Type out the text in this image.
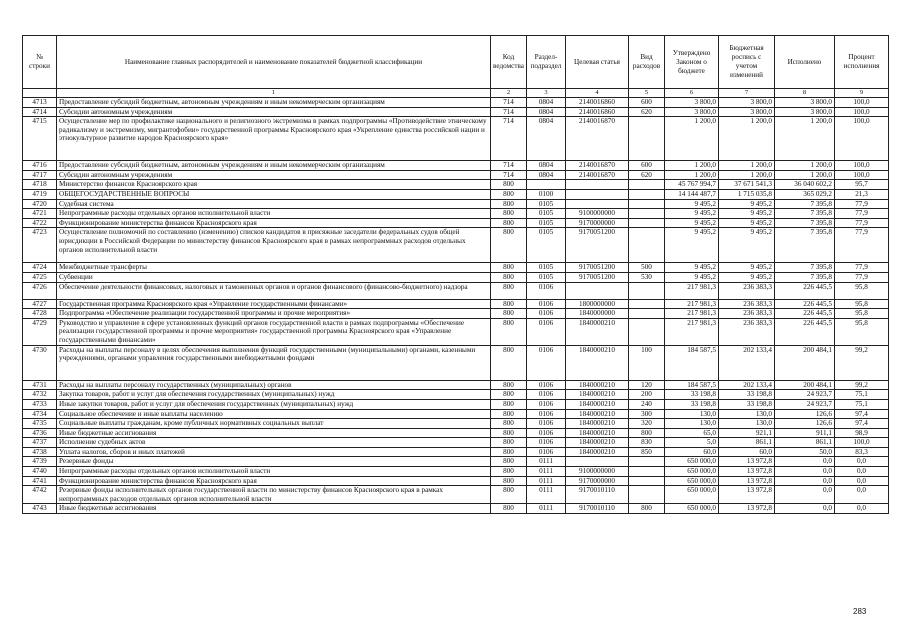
№ строки	Наименование главных распорядителей и наименование показателей бюджетной классификации	Код ведомства	Раздел-подраздел	Целевая статья	Вид расходов	Утверждено Законом о бюджете	Бюджетная роспись с учетом изменений	Исполнено	Процент исполнения
	1	2	3	4	5	6	7	8	9
4713	Предоставление субсидий бюджетным, автономным учреждениям и иным некоммерческим организациям	714	0804	2140016860	600	3 800,0	3 800,0	3 800,0	100,0
4714	Субсидии автономным учреждениям	714	0804	2140016860	620	3 800,0	3 800,0	3 800,0	100,0
4715	Осуществление мер по профилактике национального и религиозного экстремизма в рамках подпрограммы «Противодействие этническому радикализму и экстремизму, мигрантофобии» государственной программы Красноярского края «Укрепление единства российской нации и этнокультурное развитие народов Красноярского края»	714	0804	2140016870		1 200,0	1 200,0	1 200,0	100,0
4716	Предоставление субсидий бюджетным, автономным учреждениям и иным некоммерческим организациям	714	0804	2140016870	600	1 200,0	1 200,0	1 200,0	100,0
4717	Субсидии автономным учреждениям	714	0804	2140016870	620	1 200,0	1 200,0	1 200,0	100,0
4718	Министерство финансов Красноярского края	800				45 767 994,7	37 671 541,3	36 040 602,2	95,7
4719	ОБЩЕГОСУДАРСТВЕННЫЕ ВОПРОСЫ	800	0100			14 144 487,7	1 715 035,8	365 029,2	21,3
4720	Судебная система	800	0105			9 495,2	9 495,2	7 395,8	77,9
4721	Непрограммные расходы отдельных органов исполнительной власти	800	0105	9100000000		9 495,2	9 495,2	7 395,8	77,9
4722	Функционирование министерства финансов Красноярского края	800	0105	9170000000		9 495,2	9 495,2	7 395,8	77,9
4723	Осуществление полномочий по составлению (изменению) списков кандидатов в присяжные заседатели федеральных судов общей юрисдикции в Российской Федерации по министерству финансов Красноярского края в рамках непрограммных расходов отдельных органов исполнительной власти	800	0105	9170051200		9 495,2	9 495,2	7 395,8	77,9
4724	Межбюджетные трансферты	800	0105	9170051200	500	9 495,2	9 495,2	7 395,8	77,9
4725	Субвенции	800	0105	9170051200	530	9 495,2	9 495,2	7 395,8	77,9
4726	Обеспечение деятельности финансовых, налоговых и таможенных органов и органов финансового (финансово-бюджетного) надзора	800	0106			217 981,3	236 383,3	226 445,5	95,8
4727	Государственная программа Красноярского края «Управление государственными финансами»	800	0106	1800000000		217 981,3	236 383,3	226 445,5	95,8
4728	Подпрограмма «Обеспечение реализации государственной программы и прочие мероприятия»	800	0106	1840000000		217 981,3	236 383,3	226 445,5	95,8
4729	Руководство и управление в сфере установленных функций органов государственной власти в рамках подпрограммы «Обеспечение реализации государственной программы и прочие мероприятия» государственной программы Красноярского края «Управление государственными финансами»	800	0106	1840000210		217 981,3	236 383,3	226 445,5	95,8
4730	Расходы на выплаты персоналу в целях обеспечения выполнения функций государственными (муниципальными) органами, казенными учреждениями, органами управления государственными внебюджетными фондами	800	0106	1840000210	100	184 587,5	202 133,4	200 484,1	99,2
4731	Расходы на выплаты персоналу государственных (муниципальных) органов	800	0106	1840000210	120	184 587,5	202 133,4	200 484,1	99,2
4732	Закупка товаров, работ и услуг для обеспечения государственных (муниципальных) нужд	800	0106	1840000210	200	33 198,8	33 198,8	24 923,7	75,1
4733	Иные закупки товаров, работ и услуг для обеспечения государственных (муниципальных) нужд	800	0106	1840000210	240	33 198,8	33 198,8	24 923,7	75,1
4734	Социальное обеспечение и иные выплаты населению	800	0106	1840000210	300	130,0	130,0	126,6	97,4
4735	Социальные выплаты гражданам, кроме публичных нормативных социальных выплат	800	0106	1840000210	320	130,0	130,0	126,6	97,4
4736	Иные бюджетные ассигнования	800	0106	1840000210	800	65,0	921,1	911,1	98,9
4737	Исполнение судебных актов	800	0106	1840000210	830	5,0	861,1	861,1	100,0
4738	Уплата налогов, сборов и иных платежей	800	0106	1840000210	850	60,0	60,0	50,0	83,3
4739	Резервные фонды	800	0111			650 000,0	13 972,8	0,0	0,0
4740	Непрограммные расходы отдельных органов исполнительной власти	800	0111	9100000000		650 000,0	13 972,8	0,0	0,0
4741	Функционирование министерства финансов Красноярского края	800	0111	9170000000		650 000,0	13 972,8	0,0	0,0
4742	Резервные фонды исполнительных органов государственной власти по министерству финансов Красноярского края в рамках непрограммных расходов отдельных органов исполнительной власти	800	0111	9170010110		650 000,0	13 972,8	0,0	0,0
4743	Иные бюджетные ассигнования	800	0111	9170010110	800	650 000,0	13 972,8	0,0	0,0
283
